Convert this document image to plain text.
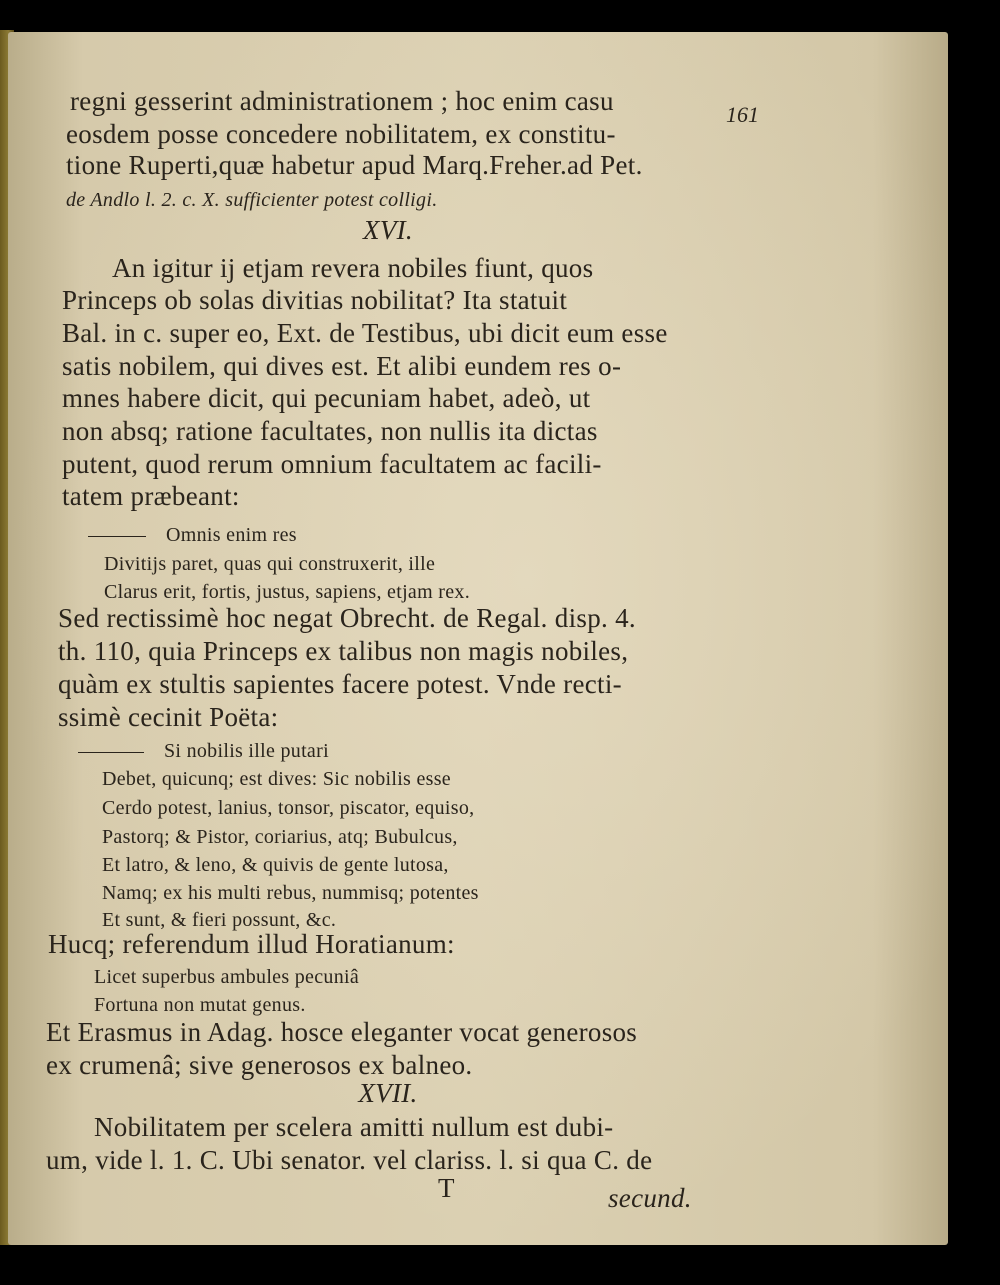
161
regni gesserint administrationem ; hoc enim casu
eosdem posse concedere nobilitatem, ex constitu-
tione Ruperti,quæ habetur apud Marq.Freher.ad Pet.
de Andlo l. 2. c. X. sufficienter potest colligi.
XVI.
An igitur ij etjam revera nobiles fiunt, quos
Princeps ob solas divitias nobilitat? Ita statuit
Bal. in c. super eo, Ext. de Testibus, ubi dicit eum esse
satis nobilem, qui dives est. Et alibi eundem res o-
mnes habere dicit, qui pecuniam habet, adeò, ut
non absq; ratione facultates, non nullis ita dictas
putent, quod rerum omnium facultatem ac facili-
tatem præbeant:
Omnis enim res
Divitijs paret, quas qui construxerit, ille
Clarus erit, fortis, justus, sapiens, etjam rex.
Sed rectissimè hoc negat Obrecht. de Regal. disp. 4.
th. 110, quia Princeps ex talibus non magis nobiles,
quàm ex stultis sapientes facere potest. Vnde recti-
ssimè cecinit Poëta:
Si nobilis ille putari
Debet, quicunq; est dives: Sic nobilis esse
Cerdo potest, lanius, tonsor, piscator, equiso,
Pastorq; & Pistor, coriarius, atq; Bubulcus,
Et latro, & leno, & quivis de gente lutosa,
Namq; ex his multi rebus, nummisq; potentes
Et sunt, & fieri possunt, &c.
Hucq; referendum illud Horatianum:
Licet superbus ambules pecuniâ
Fortuna non mutat genus.
Et Erasmus in Adag. hosce eleganter vocat generosos
ex crumenâ; sive generosos ex balneo.
XVII.
Nobilitatem per scelera amitti nullum est dubi-
um, vide l. 1. C. Ubi senator. vel clariss. l. si qua C. de
T	secund.
